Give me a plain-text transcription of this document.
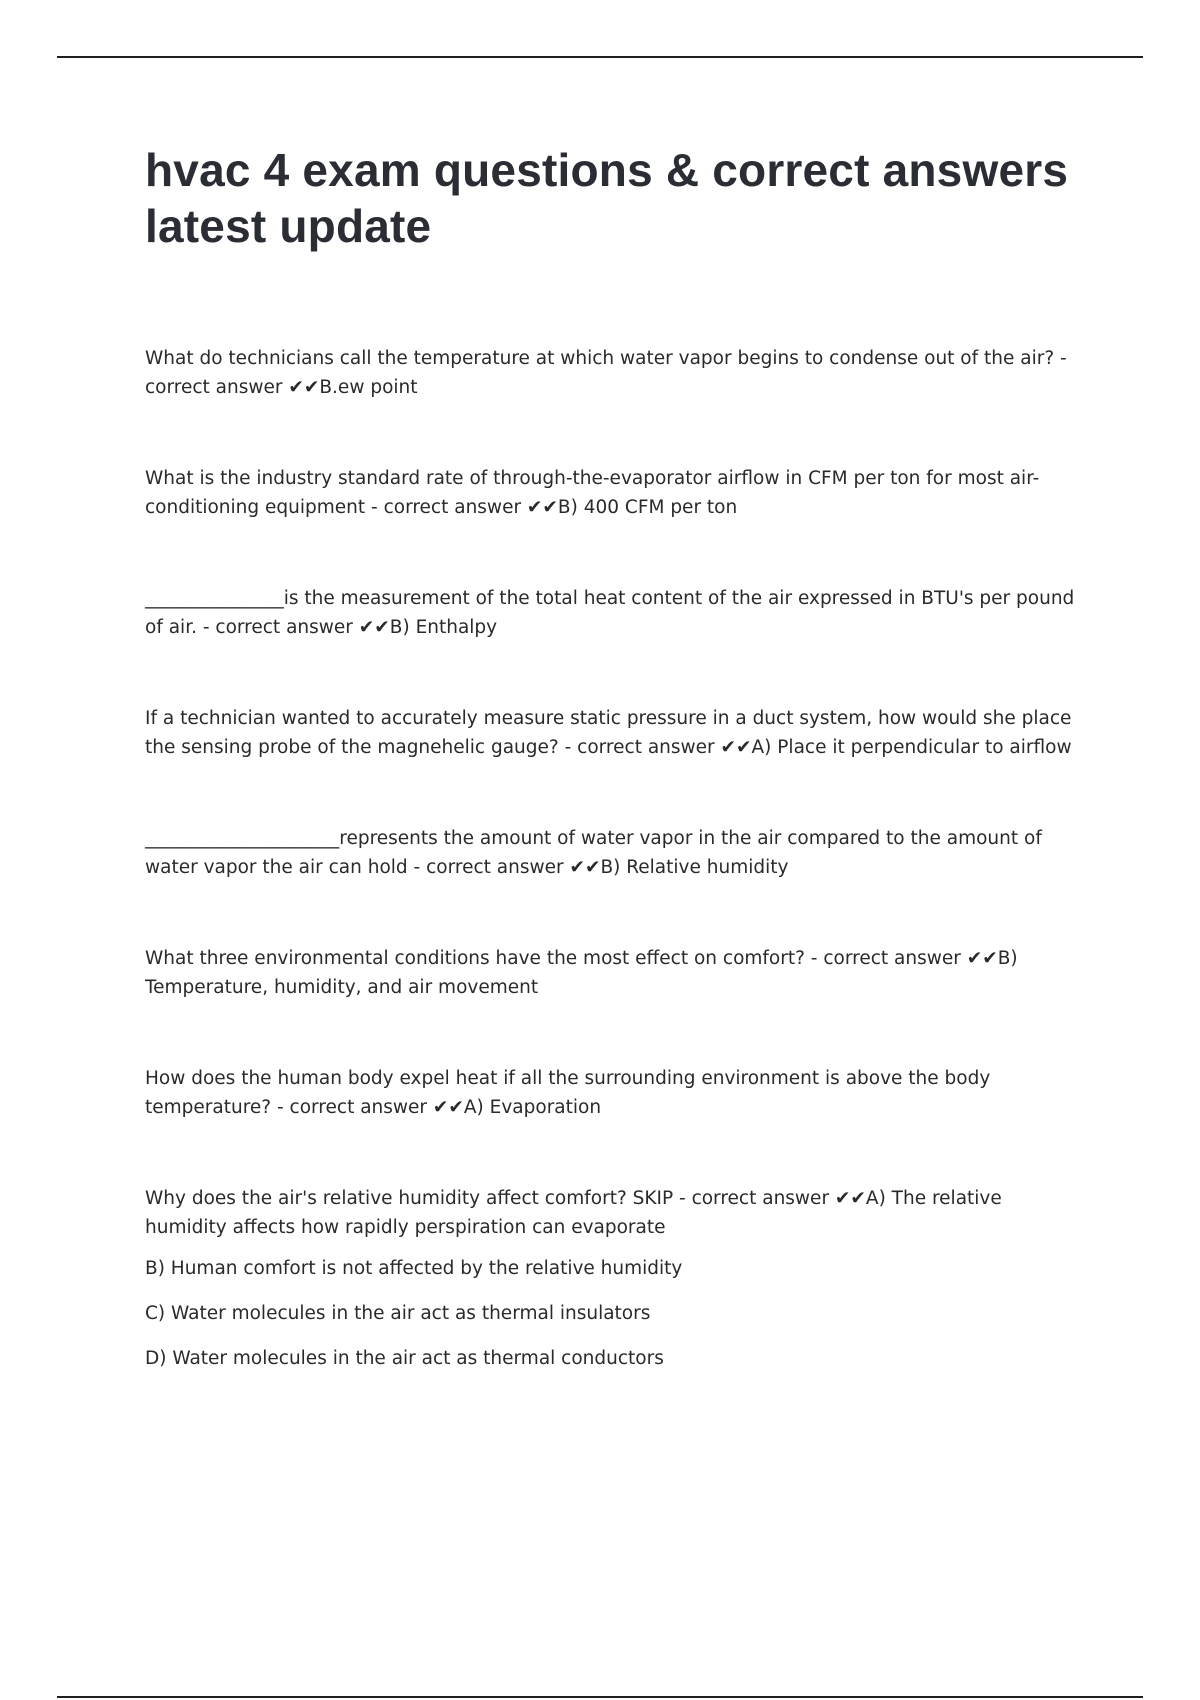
hvac 4 exam questions & correct answers latest update

What do technicians call the temperature at which water vapor begins to condense out of the air? - correct answer ✔✔B.ew point

What is the industry standard rate of through-the-evaporator airflow in CFM per ton for most air-conditioning equipment - correct answer ✔✔B) 400 CFM per ton

_______________is the measurement of the total heat content of the air expressed in BTU's per pound of air. - correct answer ✔✔B) Enthalpy

If a technician wanted to accurately measure static pressure in a duct system, how would she place the sensing probe of the magnehelic gauge? - correct answer ✔✔A) Place it perpendicular to airflow

_____________________represents the amount of water vapor in the air compared to the amount of water vapor the air can hold - correct answer ✔✔B) Relative humidity

What three environmental conditions have the most effect on comfort? - correct answer ✔✔B) Temperature, humidity, and air movement

How does the human body expel heat if all the surrounding environment is above the body temperature? - correct answer ✔✔A) Evaporation

Why does the air's relative humidity affect comfort? SKIP - correct answer ✔✔A) The relative humidity affects how rapidly perspiration can evaporate

B) Human comfort is not affected by the relative humidity

C) Water molecules in the air act as thermal insulators

D) Water molecules in the air act as thermal conductors
